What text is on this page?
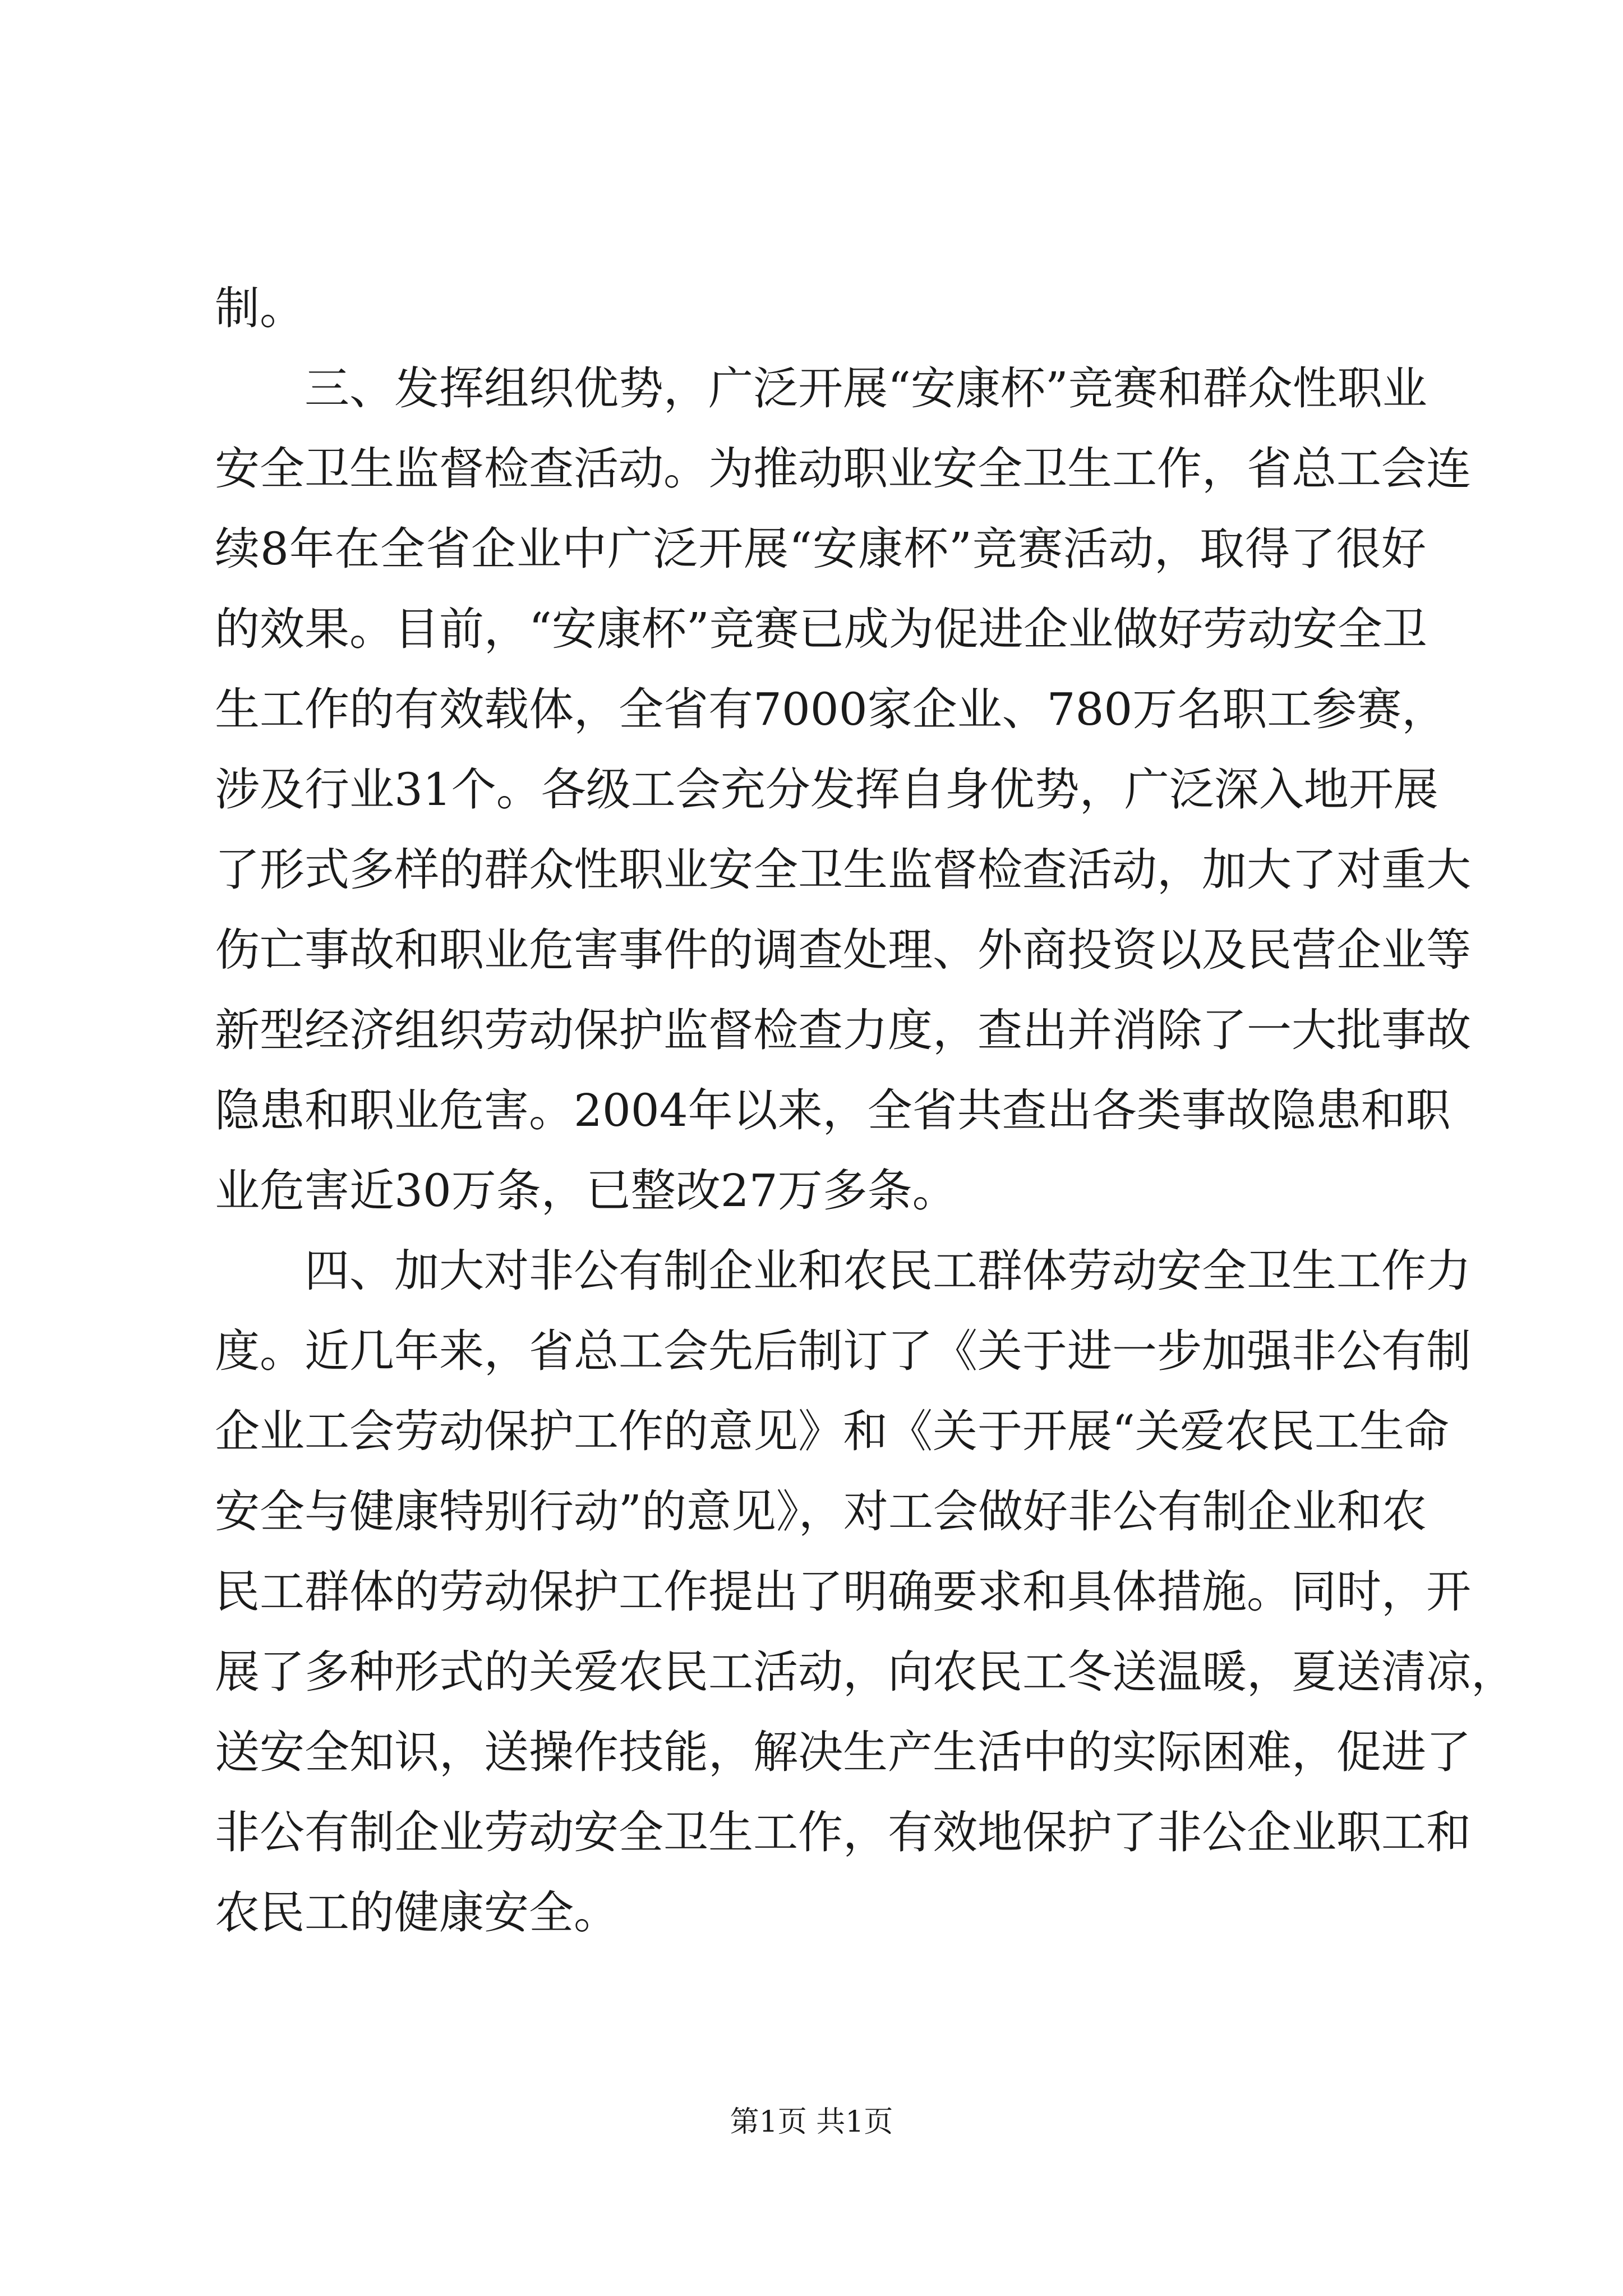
制。
三、发挥组织优势，广泛开展“安康杯”竞赛和群众性职业
安全卫生监督检查活动。为推动职业安全卫生工作，省总工会连
续8年在全省企业中广泛开展“安康杯”竞赛活动，取得了很好
的效果。目前，“安康杯”竞赛已成为促进企业做好劳动安全卫
生工作的有效载体，全省有7000家企业、780万名职工参赛，
涉及行业31个。各级工会充分发挥自身优势，广泛深入地开展
了形式多样的群众性职业安全卫生监督检查活动，加大了对重大
伤亡事故和职业危害事件的调查处理、外商投资以及民营企业等
新型经济组织劳动保护监督检查力度，查出并消除了一大批事故
隐患和职业危害。2004年以来，全省共查出各类事故隐患和职
业危害近30万条，已整改27万多条。
四、加大对非公有制企业和农民工群体劳动安全卫生工作力
度。近几年来，省总工会先后制订了《关于进一步加强非公有制
企业工会劳动保护工作的意见》和《关于开展“关爱农民工生命
安全与健康特别行动”的意见》，对工会做好非公有制企业和农
民工群体的劳动保护工作提出了明确要求和具体措施。同时，开
展了多种形式的关爱农民工活动，向农民工冬送温暖，夏送清凉，
送安全知识，送操作技能，解决生产生活中的实际困难，促进了
非公有制企业劳动安全卫生工作，有效地保护了非公企业职工和
农民工的健康安全。
第1页 共1页
